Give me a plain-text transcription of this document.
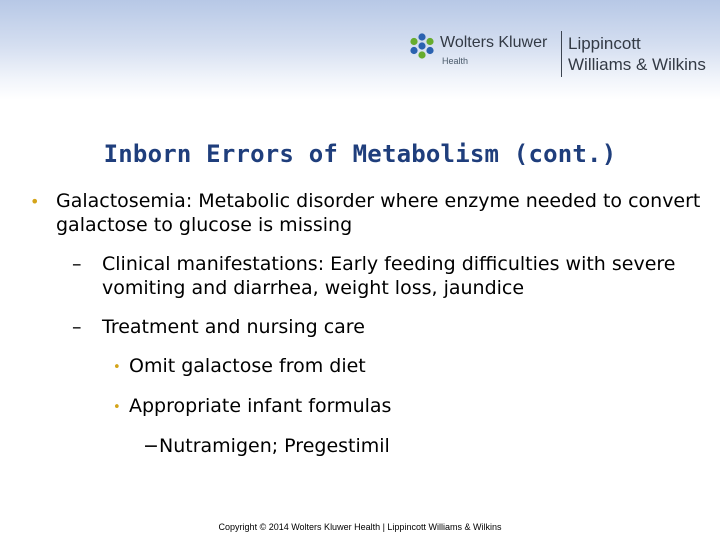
Wolters Kluwer
Health
Lippincott
Williams & Wilkins
Inborn Errors of Metabolism (cont.)
• Galactosemia: Metabolic disorder where enzyme needed to convert galactose to glucose is missing
– Clinical manifestations: Early feeding difficulties with severe vomiting and diarrhea, weight loss, jaundice
– Treatment and nursing care
• Omit galactose from diet
• Appropriate infant formulas
− Nutramigen; Pregestimil
Copyright © 2014 Wolters Kluwer Health | Lippincott Williams & Wilkins
